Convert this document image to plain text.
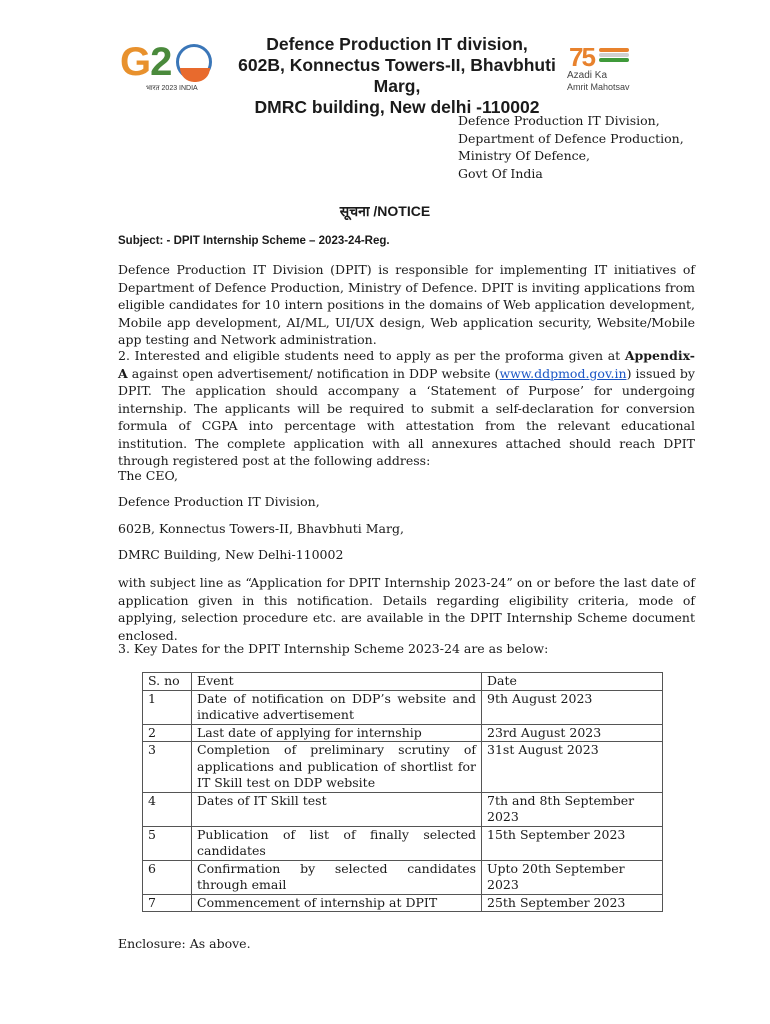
G2
भारत 2023 INDIA
Defence Production IT division,
602B, Konnectus Towers-II, Bhavbhuti Marg,
DMRC building, New delhi -110002
75
Azadi Ka
Amrit Mahotsav
Defence Production IT Division,
Department of Defence Production,
Ministry Of Defence,
Govt Of India
सूचना /NOTICE
Subject: - DPIT Internship Scheme – 2023-24-Reg.

Defence Production IT Division (DPIT) is responsible for implementing IT initiatives of Department of Defence Production, Ministry of Defence. DPIT is inviting applications from eligible candidates for 10 intern positions in the domains of Web application development, Mobile app development, AI/ML, UI/UX design, Web application security, Website/Mobile app testing and Network administration.

2. Interested and eligible students need to apply as per the proforma given at Appendix-A against open advertisement/ notification in DDP website (www.ddpmod.gov.in) issued by DPIT. The application should accompany a ‘Statement of Purpose’ for undergoing internship. The applicants will be required to submit a self-declaration for conversion formula of CGPA into percentage with attestation from the relevant educational institution. The complete application with all annexures attached should reach DPIT through registered post at the following address:

The CEO,
Defence Production IT Division,
602B, Konnectus Towers-II, Bhavbhuti Marg,
DMRC Building, New Delhi-110002

with subject line as “Application for DPIT Internship 2023-24” on or before the last date of application given in this notification. Details regarding eligibility criteria, mode of applying, selection procedure etc. are available in the DPIT Internship Scheme document enclosed.

3. Key Dates for the DPIT Internship Scheme 2023-24 are as below:
S. no	Event	Date
1	Date of notification on DDP’s website and indicative advertisement	9th August 2023
2	Last date of applying for internship	23rd August 2023
3	Completion of preliminary scrutiny of applications and publication of shortlist for IT Skill test on DDP website	31st August 2023
4	Dates of IT Skill test	7th and 8th September 2023
5	Publication of list of finally selected candidates	15th September 2023
6	Confirmation by selected candidates through email	Upto 20th September 2023
7	Commencement of internship at DPIT	25th September 2023
Enclosure: As above.
